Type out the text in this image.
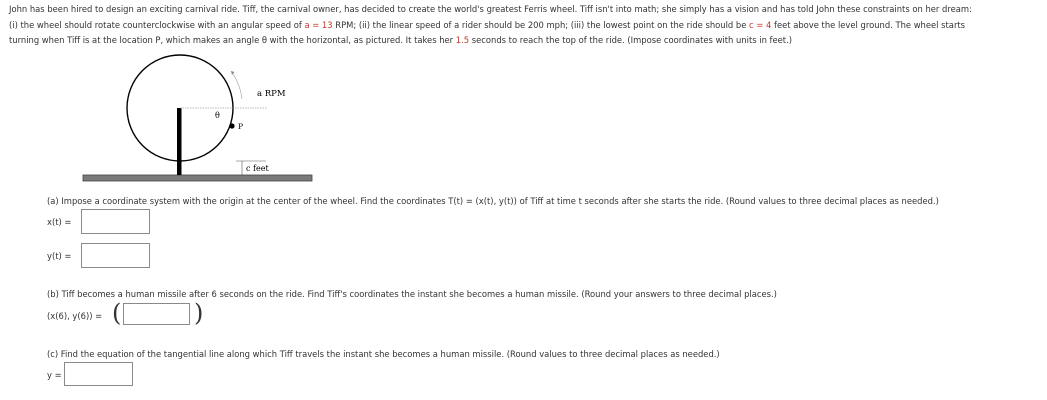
John has been hired to design an exciting carnival ride. Tiff, the carnival owner, has decided to create the world's greatest Ferris wheel. Tiff isn't into math; she simply has a vision and has told John these constraints on her dream:
(i) the wheel should rotate counterclockwise with an angular speed of a = 13 RPM; (ii) the linear speed of a rider should be 200 mph; (iii) the lowest point on the ride should be c = 4 feet above the level ground. The wheel starts
turning when Tiff is at the location P, which makes an angle θ with the horizontal, as pictured. It takes her 1.5 seconds to reach the top of the ride. (Impose coordinates with units in feet.)
a RPM
θ
P
c feet
(a) Impose a coordinate system with the origin at the center of the wheel. Find the coordinates T(t) = (x(t), y(t)) of Tiff at time t seconds after she starts the ride. (Round values to three decimal places as needed.)
x(t) =
y(t) =
(b) Tiff becomes a human missile after 6 seconds on the ride. Find Tiff's coordinates the instant she becomes a human missile. (Round your answers to three decimal places.)
(x(6), y(6)) = (	)
(c) Find the equation of the tangential line along which Tiff travels the instant she becomes a human missile. (Round values to three decimal places as needed.)
y =
